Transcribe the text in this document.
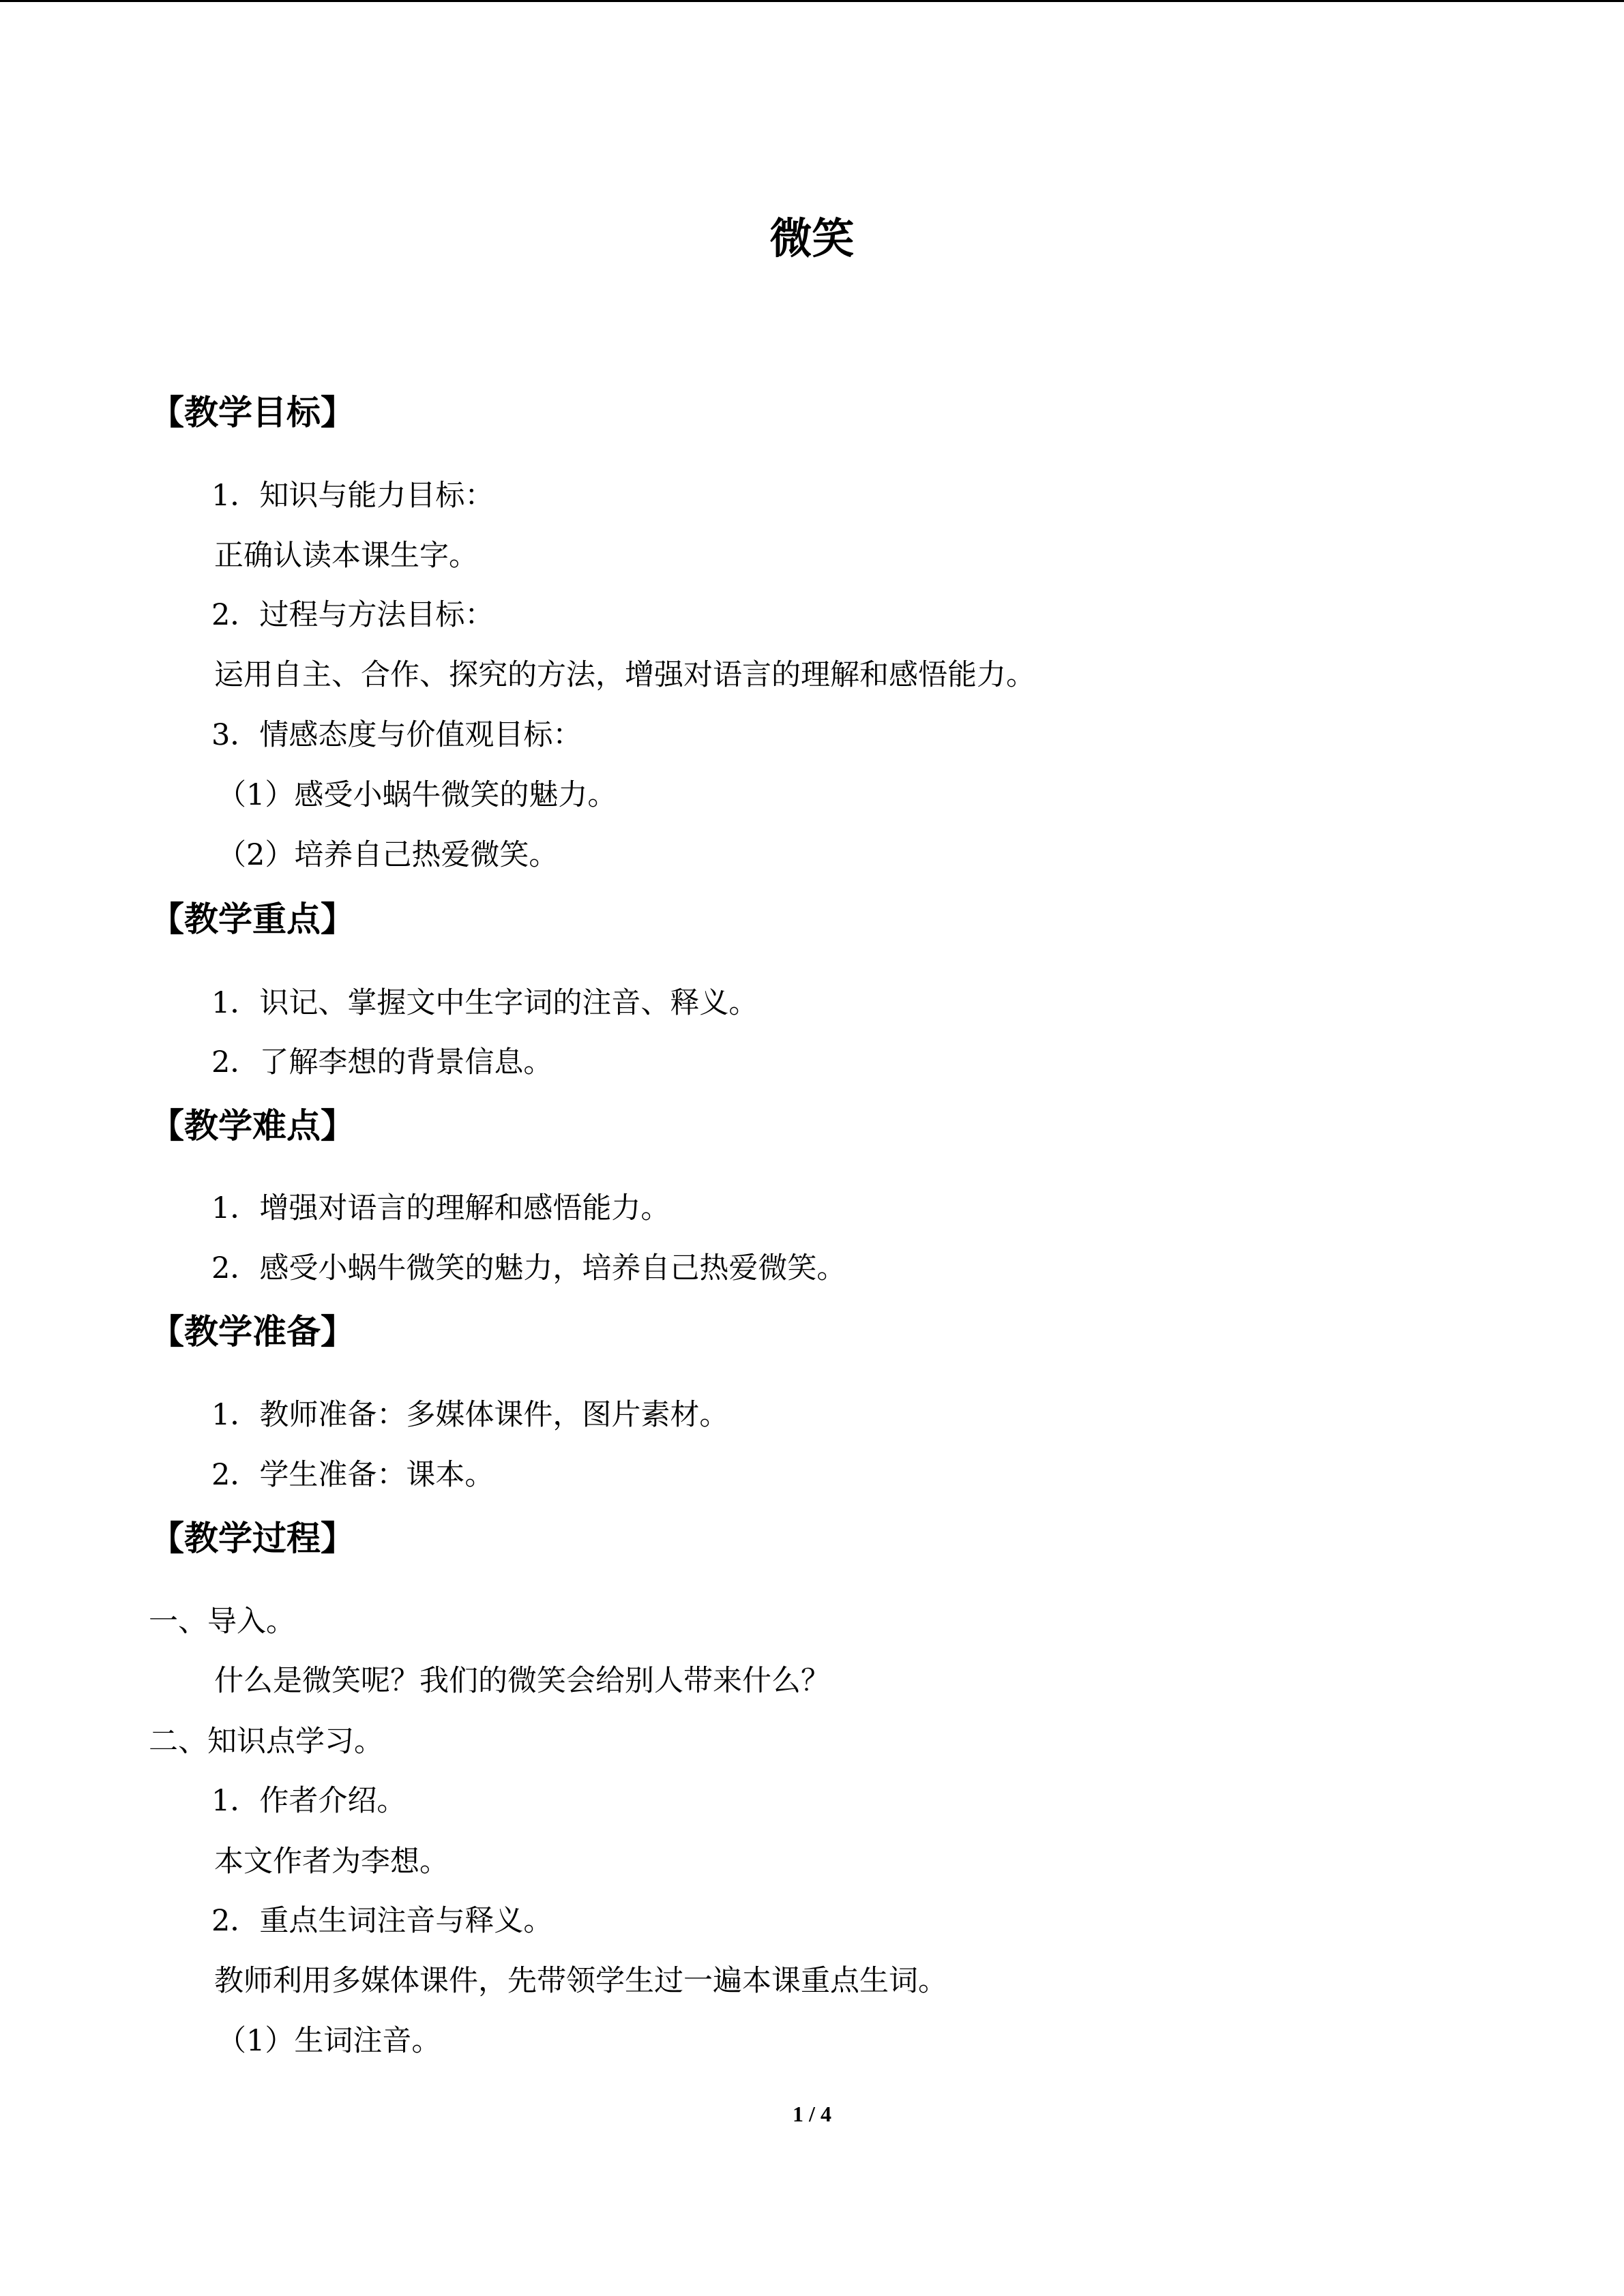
微笑
【教学目标】
1．知识与能力目标：
正确认读本课生字。
2．过程与方法目标：
运用自主、合作、探究的方法，增强对语言的理解和感悟能力。
3．情感态度与价值观目标：
（1）感受小蜗牛微笑的魅力。
（2）培养自己热爱微笑。
【教学重点】
1．识记、掌握文中生字词的注音、释义。
2．了解李想的背景信息。
【教学难点】
1．增强对语言的理解和感悟能力。
2．感受小蜗牛微笑的魅力，培养自己热爱微笑。
【教学准备】
1．教师准备：多媒体课件，图片素材。
2．学生准备：课本。
【教学过程】
一、导入。
什么是微笑呢？我们的微笑会给别人带来什么？
二、知识点学习。
1．作者介绍。
本文作者为李想。
2．重点生词注音与释义。
教师利用多媒体课件，先带领学生过一遍本课重点生词。
（1）生词注音。
1 / 4
